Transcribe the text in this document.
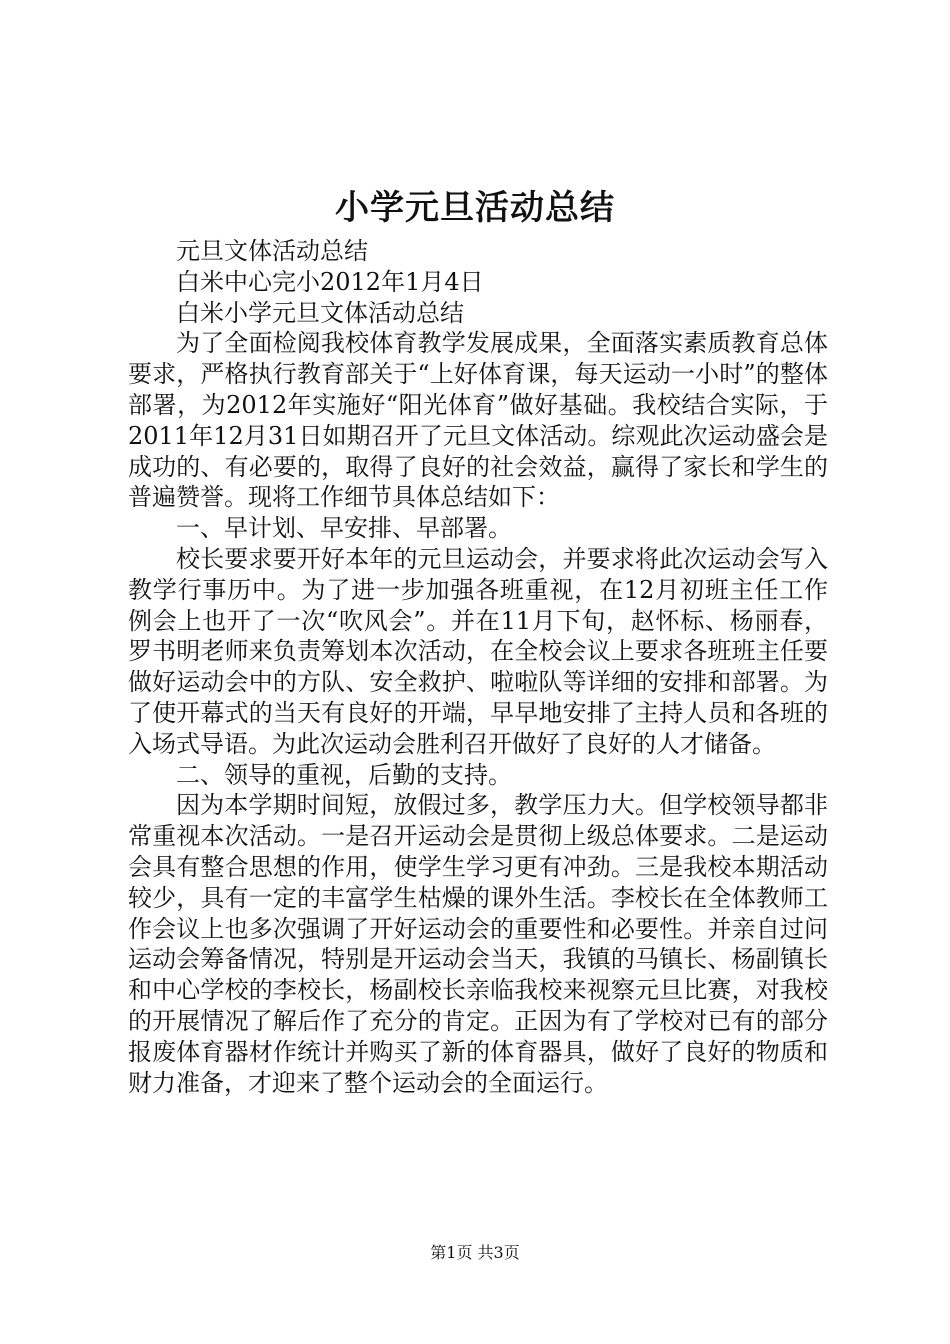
小学元旦活动总结

元旦文体活动总结

白米中心完小2012年1月4日

白米小学元旦文体活动总结

为了全面检阅我校体育教学发展成果，全面落实素质教育总体要求，严格执行教育部关于“上好体育课，每天运动一小时”的整体部署，为2012年实施好“阳光体育”做好基础。我校结合实际，于2011年12月31日如期召开了元旦文体活动。综观此次运动盛会是成功的、有必要的，取得了良好的社会效益，赢得了家长和学生的普遍赞誉。现将工作细节具体总结如下：

一、早计划、早安排、早部署。

校长要求要开好本年的元旦运动会，并要求将此次运动会写入教学行事历中。为了进一步加强各班重视，在12月初班主任工作例会上也开了一次“吹风会”。并在11月下旬，赵怀标、杨丽春，罗书明老师来负责筹划本次活动，在全校会议上要求各班班主任要做好运动会中的方队、安全救护、啦啦队等详细的安排和部署。为了使开幕式的当天有良好的开端，早早地安排了主持人员和各班的入场式导语。为此次运动会胜利召开做好了良好的人才储备。

二、领导的重视，后勤的支持。

因为本学期时间短，放假过多，教学压力大。但学校领导都非常重视本次活动。一是召开运动会是贯彻上级总体要求。二是运动会具有整合思想的作用，使学生学习更有冲劲。三是我校本期活动较少，具有一定的丰富学生枯燥的课外生活。李校长在全体教师工作会议上也多次强调了开好运动会的重要性和必要性。并亲自过问运动会筹备情况，特别是开运动会当天，我镇的马镇长、杨副镇长和中心学校的李校长，杨副校长亲临我校来视察元旦比赛，对我校的开展情况了解后作了充分的肯定。正因为有了学校对已有的部分报废体育器材作统计并购买了新的体育器具，做好了良好的物质和财力准备，才迎来了整个运动会的全面运行。

第1页 共3页
